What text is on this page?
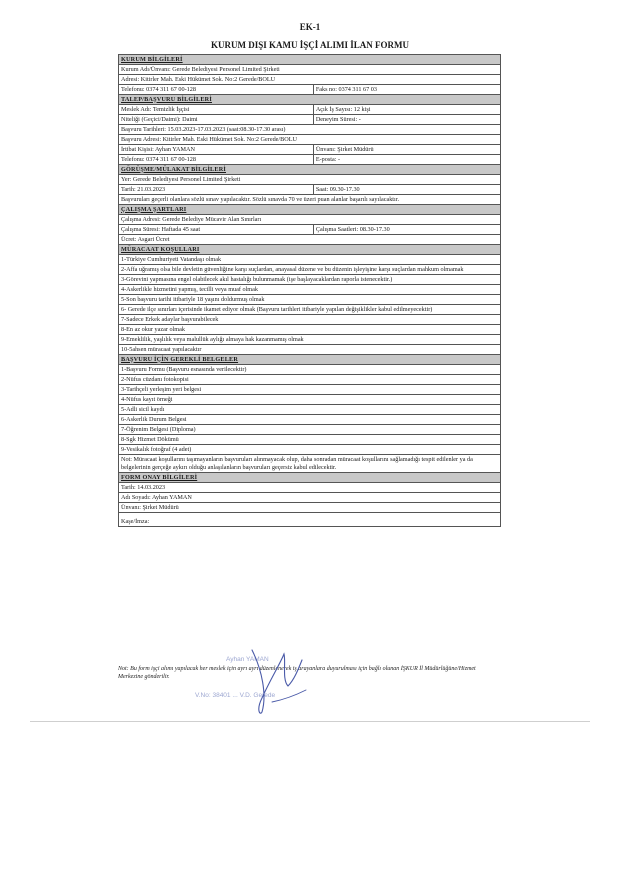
EK-1
KURUM DIŞI KAMU İŞÇİ ALIMI İLAN FORMU
KURUM BİLGİLERİ	
Kurum Adı/Ünvanı: Gerede Belediyesi Personel Limited Şirketi	
Adresi: Kitirler Mah. Eski Hükümet Sok. No:2 Gerede/BOLU	
Telefonu: 0374 311 67 00-128	Faks no: 0374 311 67 03
TALEP/BAŞVURU BİLGİLERİ	
Meslek Adı: Temizlik İşçisi	Açık İş Sayısı: 12 kişi
Niteliği (Geçici/Daimi): Daimi	Deneyim Süresi: -
Başvuru Tarihleri: 15.03.2023-17.03.2023 (saat:08.30-17.30 arası)	
Başvuru Adresi: Kitirler Mah. Eski Hükümet Sok. No:2 Gerede/BOLU	
İrtibat Kişisi: Ayhan YAMAN	Ünvanı: Şirket Müdürü
Telefonu: 0374 311 67 00-128	E-posta: -
GÖRÜŞME/MÜLAKAT BİLGİLERİ	
Yer: Gerede Belediyesi Personel Limited Şirketi	
Tarih: 21.03.2023	Saat: 09.30-17.30
Başvuruları geçerli olanlara sözlü sınav yapılacaktır. Sözlü sınavda 70 ve üzeri puan alanlar başarılı sayılacaktır.	
ÇALIŞMA ŞARTLARI	
Çalışma Adresi: Gerede Belediye Mücavir Alan Sınırları	
Çalışma Süresi: Haftada 45 saat	Çalışma Saatleri: 08.30-17.30
Ücret: Asgari Ücret	
MÜRACAAT KOŞULLARI	
1-Türkiye Cumhuriyeti Vatandaşı olmak	
2-Affa uğramış olsa bile devletin güvenliğine karşı suçlardan, anayasal düzene ve bu düzenin işleyişine karşı suçlardan mahkum olmamak	
3-Görevini yapmasına engel olabilecek akıl hastalığı bulunmamak (işe başlayacaklardan raporla istenecektir.)	
4-Askerlikle hizmetini yapmış, tecilli veya muaf olmak	
5-Son başvuru tarihi itibariyle 18 yaşını doldurmuş olmak	
6- Gerede ilçe sınırları içerisinde ikamet ediyor olmak (Başvuru tarihleri itibariyle yapılan değişiklikler kabul edilmeyecektir)	
7-Sadece Erkek adaylar başvurabilecek	
8-En az okur yazar olmak	
9-Emeklilik, yaşlılık veya malullük aylığı almaya hak kazanmamış olmak	
10-5ahsen müracaat yapılacaktır	
BAŞVURU İÇİN GEREKLİ BELGELER	
1-Başvuru Formu (Başvuru esnasında verilecektir)	
2-Nüfus cüzdanı fotokopisi	
3-Tarihçeli yerleşim yeri belgesi	
4-Nüfus kayıt örneği	
5-Adli sicil kaydı	
6-Askerlik Durum Belgesi	
7-Öğrenim Belgesi (Diploma)	
8-Sgk Hizmet Dökümü	
9-Vesikalık fotoğraf (4 adet)	
Not: Müracaat koşullarını taşımayanların başvuruları alınmayacak olup, daha sonradan müracaat koşullarını sağlamadığı tespit edilenler ya da belgelerinin gerçeğe aykırı olduğu anlaşılanların başvuruları geçersiz kabul edilecektir.	
FORM ONAY BİLGİLERİ	
Tarih: 14.03.2023	
Adı Soyadı: Ayhan YAMAN	
Ünvanı: Şirket Müdürü	
Kaşe/İmza:	
Not: Bu form işçi alımı yapılacak her meslek için ayrı ayrı düzenlenerek iş arayanlara duyurulması için bağlı olunan İŞKUR İl Müdürlüğüne/Hizmet Merkezine gönderilir.
Ayhan YAMAN
V.No: 38401 ... V.D. Gerede
